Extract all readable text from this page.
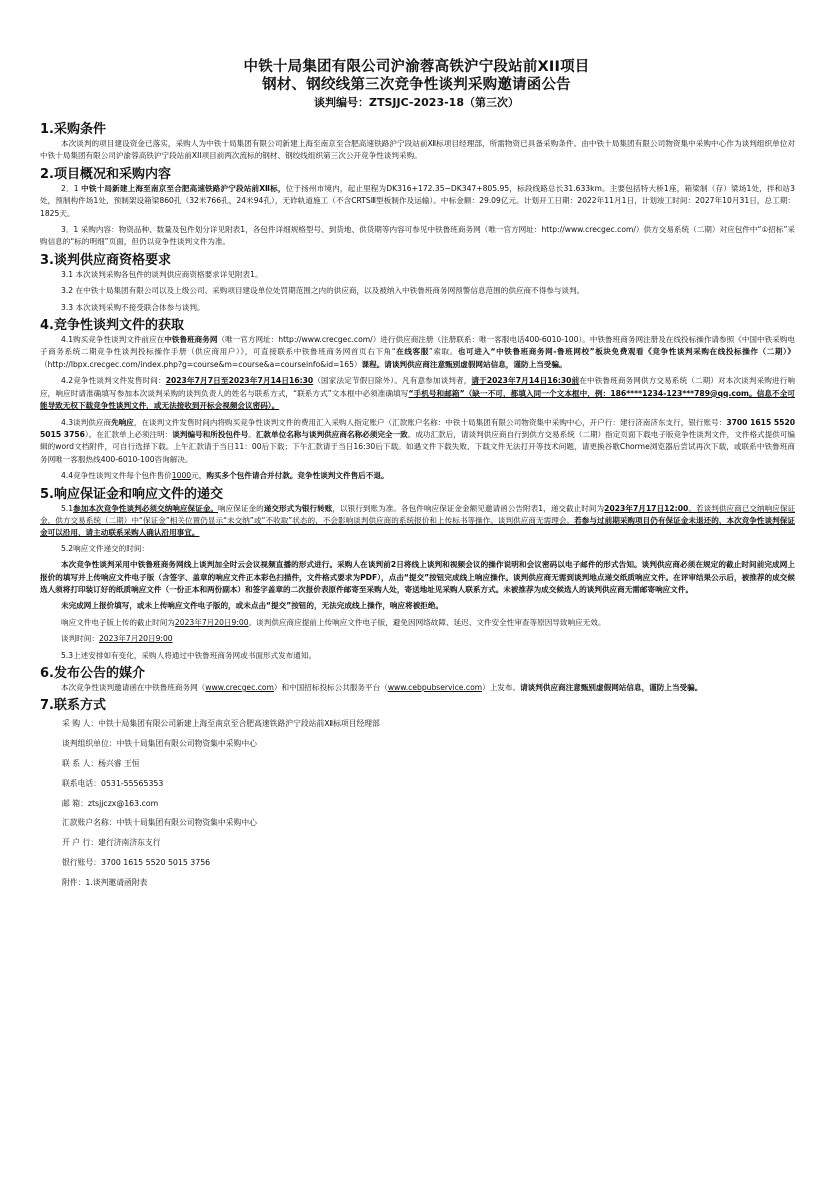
中铁十局集团有限公司沪渝蓉高铁沪宁段站前XII项目
钢材、钢绞线第三次竞争性谈判采购邀请函公告
谈判编号：ZTSJJC-2023-18（第三次）
1.采购条件

本次谈判的项目建设资金已落实，采购人为中铁十局集团有限公司新建上海至南京至合肥高速铁路沪宁段站前Ⅻ标项目经理部，所需物资已具备采购条件。由中铁十局集团有限公司物资集中采购中心作为谈判组织单位对中铁十局集团有限公司沪渝蓉高铁沪宁段站前XII项目前两次流标的钢材、钢绞线组织第三次公开竞争性谈判采购。

2.项目概况和采购内容

2．1 中铁十局新建上海至南京至合肥高速铁路沪宁段站前Ⅻ标，位于扬州市境内，起止里程为DK316+172.35~DK347+805.95，标段线路总长31.633km。主要包括特大桥1座，箱梁制（存）梁场1处，拌和站3处，预制构件场1处，预制架设箱梁860孔（32米766孔，24米94孔），无砟轨道施工（不含CRTSⅢ型板制作及运输）。中标金额：29.09亿元。计划开工日期：2022年11月1日，计划竣工时间：2027年10月31日，总工期：1825天。

3．1 采购内容：物资品种、数量及包件划分详见附表1，各包件详细规格型号、到货地、供货期等内容可参见中铁鲁班商务网（唯一官方网址：http://www.crecgec.com/）供方交易系统（二期）对应包件中“①招标”采购信息的“标的明细”页面，但仍以竞争性谈判文件为准。

3.谈判供应商资格要求

3.1 本次谈判采购各包件的谈判供应商资格要求详见附表1。

3.2 在中铁十局集团有限公司以及上级公司、采购项目建设单位处罚期范围之内的供应商，以及被纳入中铁鲁班商务网预警信息范围的供应商不得参与谈判。

3.3 本次谈判采购不接受联合体参与谈判。

4.竞争性谈判文件的获取

4.1购买竞争性谈判文件前应在中铁鲁班商务网（唯一官方网址：http://www.crecgec.com/）进行供应商注册（注册联系：唯一客服电话400-6010-100）。中铁鲁班商务网注册及在线投标操作请参照《中国中铁采购电子商务系统二期竞争性谈判投标操作手册（供应商用户）》，可直接联系中铁鲁班商务网首页右下角“在线客服”索取。也可进入“中铁鲁班商务网-鲁班网校”板块免费观看《竞争性谈判采购在线投标操作（二期）》（http://lbpx.crecgec.com/index.php?g=course&m=course&a=courseinfo&id=165）课程。请谈判供应商注意甄别虚假网站信息，谨防上当受骗。

4.2竞争性谈判文件发售时间：2023年7月7日至2023年7月14日16:30（国家法定节假日除外）。凡有意参加谈判者，请于2023年7月14日16:30前在中铁鲁班商务网供方交易系统（二期）对本次谈判采购进行响应，响应时请准确填写参加本次谈判采购的谈判负责人的姓名与联系方式，“联系方式”文本框中必须准确填写“手机号和邮箱”（缺一不可，都填入同一个文本框中，例：186****1234-123***789@qq.com。信息不全可能导致无权下载竞争性谈判文件，或无法接收到开标会视频会议密码）。

4.3谈判供应商先响应，在谈判文件发售时间内将购买竞争性谈判文件的费用汇入采购人指定账户（汇款账户名称：中铁十局集团有限公司物资集中采购中心，开户行：建行济南济东支行，银行账号：3700 1615 5520 5015 3756）。在汇款单上必须注明：谈判编号和所投包件号。汇款单位名称与谈判供应商名称必须完全一致。成功汇款后，请谈判供应商自行到供方交易系统（二期）指定页面下载电子版竞争性谈判文件，文件格式提供可编辑的word文档附件，可自行选择下载。上午汇款请于当日11：00后下载；下午汇款请于当日16:30后下载。如遇文件下载失败、下载文件无法打开等技术问题，请更换谷歌Chorme浏览器后尝试再次下载，或联系中铁鲁班商务网唯一客服热线400-6010-100咨询解决。

4.4竞争性谈判文件每个包件售价1000元，购买多个包件请合并付款。竞争性谈判文件售后不退。

5.响应保证金和响应文件的递交

5.1参加本次竞争性谈判必须交纳响应保证金。响应保证金的递交形式为银行转账，以银行到账为准。各包件响应保证金金额见邀请函公告附表1，递交截止时间为2023年7月17日12:00。若谈判供应商已交纳响应保证金，供方交易系统（二期）中“保证金”相关位置仍显示“未交纳”或“不收取”状态的，不会影响谈判供应商的系统报价和上传标书等操作。谈判供应商无需理会。若参与过前期采购项目仍有保证金未退还的，本次竞争性谈判保证金可以沿用，请主动联系采购人确认沿用事宜。

5.2响应文件递交的时间：

本次竞争性谈判采用中铁鲁班商务网线上谈判加全时云会议视频直播的形式进行。采购人在谈判前2日将线上谈判和视频会议的操作说明和会议密码以电子邮件的形式告知。谈判供应商必须在规定的截止时间前完成网上报价的填写并上传响应文件电子版（含签字、盖章的响应文件正本彩色扫描件，文件格式要求为PDF），点击“提交”按钮完成线上响应操作。谈判供应商无需到谈判地点递交纸质响应文件。在评审结果公示后，被推荐的成交候选人须将打印装订好的纸质响应文件（一份正本和两份副本）和签字盖章的二次报价表原件邮寄至采购人处，寄送地址见采购人联系方式。未被推荐为成交候选人的谈判供应商无需邮寄响应文件。

未完成网上报价填写，或未上传响应文件电子版的，或未点击“提交”按钮的，无法完成线上操作，响应将被拒绝。

响应文件电子版上传的截止时间为2023年7月20日9:00。谈判供应商应提前上传响应文件电子版，避免因网络故障、延迟、文件安全性审查等原因导致响应无效。

谈判时间：2023年7月20日9:00

5.3上述安排如有变化，采购人将通过中铁鲁班商务网或书面形式发布通知。

6.发布公告的媒介

本次竞争性谈判邀请函在中铁鲁班商务网（www.crecgec.com）和中国招标投标公共服务平台（www.cebpubservice.com）上发布。请谈判供应商注意甄别虚假网站信息，谨防上当受骗。

7.联系方式

采 购 人：中铁十局集团有限公司新建上海至南京至合肥高速铁路沪宁段站前Ⅻ标项目经理部

谈判组织单位：中铁十局集团有限公司物资集中采购中心

联 系 人：杨兴睿 王恒

联系电话：0531-55565353

邮 箱：ztsjjczx@163.com

汇款账户名称：中铁十局集团有限公司物资集中采购中心

开 户 行：建行济南济东支行

银行账号：3700 1615 5520 5015 3756

附件：1.谈判邀请函附表
